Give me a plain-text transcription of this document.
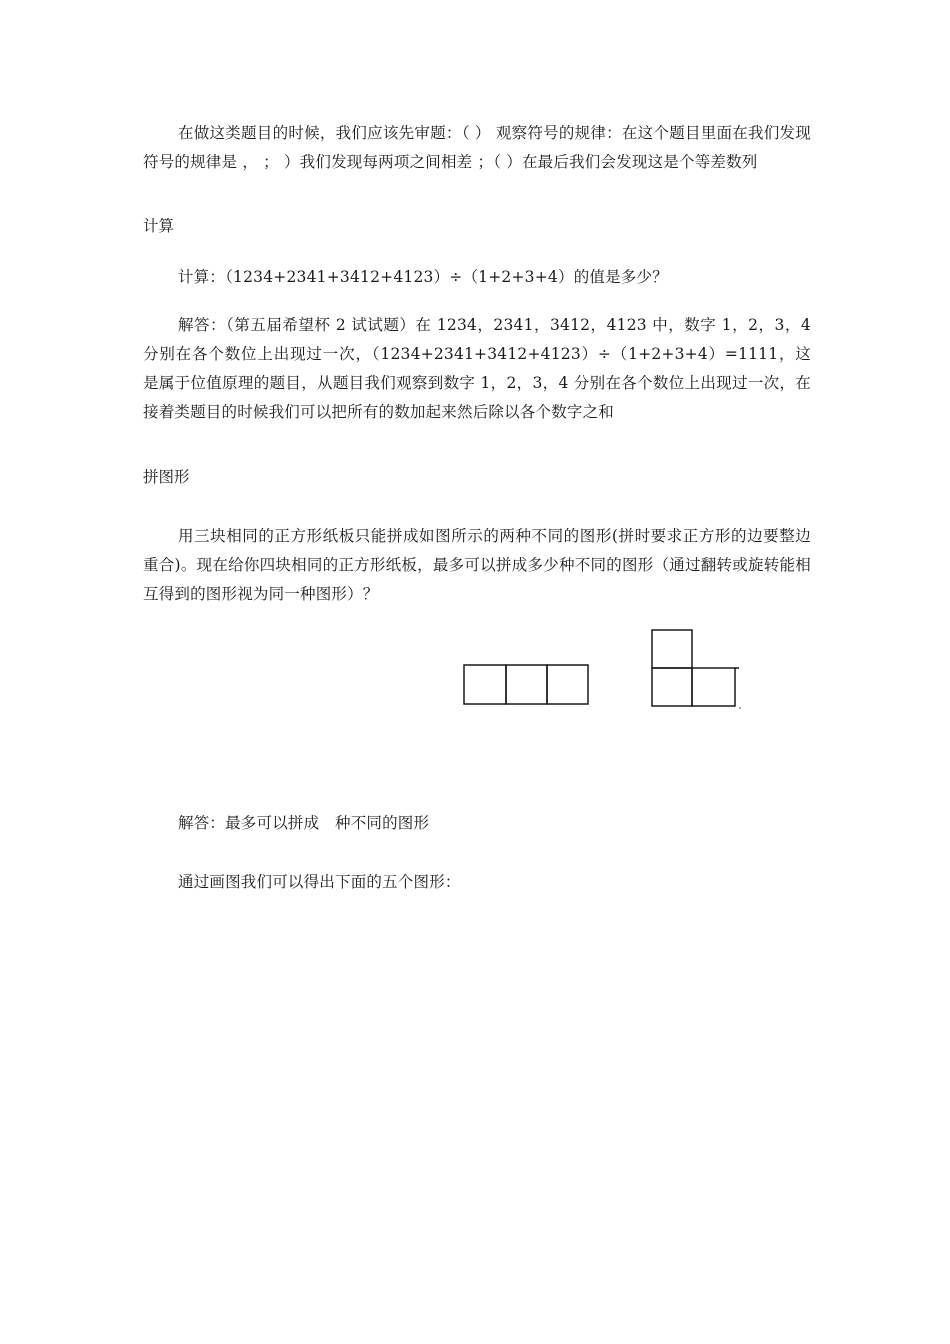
在做这类题目的时候，我们应该先审题：（ ） 观察符号的规律：在这个题目里面在我们发现符号的规律是 ， ； ）我们发现每两项之间相差 ；（ ）在最后我们会发现这是个等差数列

计算

计算：（1234+2341+3412+4123）÷（1+2+3+4）的值是多少？

解答：（第五届希望杯 2 试试题）在 1234，2341，3412，4123 中，数字 1，2，3，4 分别在各个数位上出现过一次，（1234+2341+3412+4123）÷（1+2+3+4）=1111，这是属于位值原理的题目，从题目我们观察到数字 1，2，3，4 分别在各个数位上出现过一次，在接着类题目的时候我们可以把所有的数加起来然后除以各个数字之和

拼图形

用三块相同的正方形纸板只能拼成如图所示的两种不同的图形(拼时要求正方形的边要整边重合)。现在给你四块相同的正方形纸板，最多可以拼成多少种不同的图形（通过翻转或旋转能相互得到的图形视为同一种图形）？

解答：最多可以拼成　种不同的图形

通过画图我们可以得出下面的五个图形：
